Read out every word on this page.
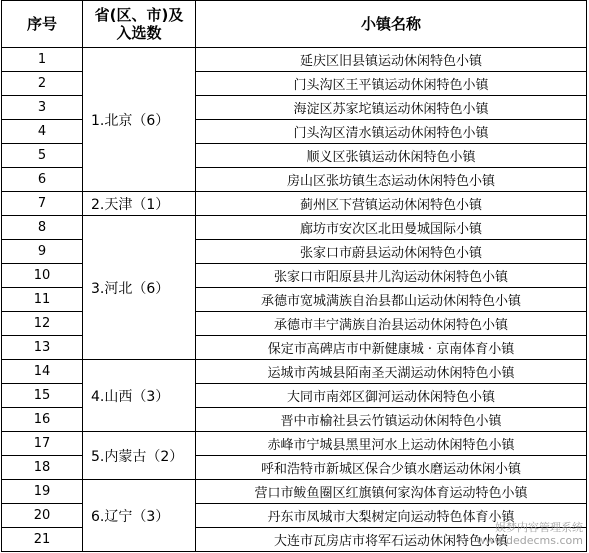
序号	省(区、市)及
入选数	小镇名称
1	1.北京（6）	延庆区旧县镇运动休闲特色小镇
2		门头沟区王平镇运动休闲特色小镇
3		海淀区苏家坨镇运动休闲特色小镇
4		门头沟区清水镇运动休闲特色小镇
5		顺义区张镇运动休闲特色小镇
6		房山区张坊镇生态运动休闲特色小镇
7	2.天津（1）	蓟州区下营镇运动休闲特色小镇
8	3.河北（6）	廊坊市安次区北田曼城国际小镇
9		张家口市蔚县运动休闲特色小镇
10		张家口市阳原县井儿沟运动休闲特色小镇
11		承德市宽城满族自治县都山运动休闲特色小镇
12		承德市丰宁满族自治县运动休闲特色小镇
13		保定市高碑店市中新健康城 · 京南体育小镇
14	4.山西（3）	运城市芮城县陌南圣天湖运动休闲特色小镇
15		大同市南郊区御河运动休闲特色小镇
16		晋中市榆社县云竹镇运动休闲特色小镇
17	5.内蒙古（2）	赤峰市宁城县黑里河水上运动休闲特色小镇
18		呼和浩特市新城区保合少镇水磨运动休闲小镇
19	6.辽宁（3）	营口市鲅鱼圈区红旗镇何家沟体育运动特色小镇
20		丹东市凤城市大梨树定向运动特色体育小镇
21		大连市瓦房店市将军石运动休闲特色小镇
娱梦内容管理系统
www.dedecms.com
